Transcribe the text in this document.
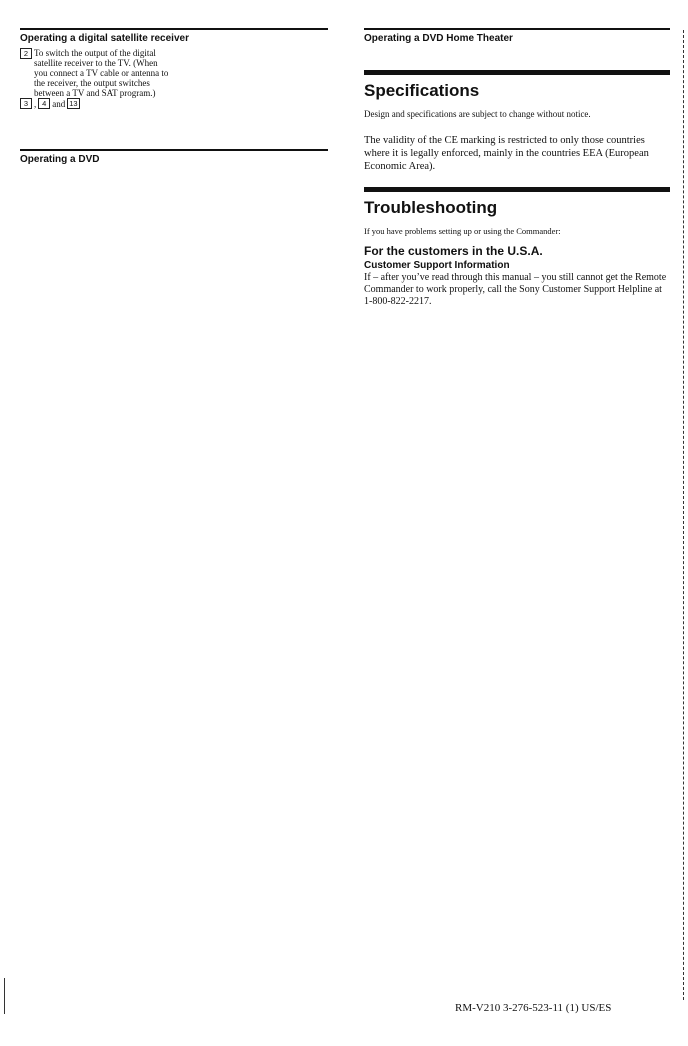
Operating a digital satellite receiver
2 To switch the output of the digital satellite receiver to the TV. (When you connect a TV cable or antenna to the receiver, the output switches between a TV and SAT program.)
3 , 4 and 13
Operating a DVD
Operating a DVD Home Theater
Specifications

Design and specifications are subject to change without notice.

The validity of the CE marking is restricted to only those countries where it is legally enforced, mainly in the countries EEA (European Economic Area).

Troubleshooting
If you have problems setting up or using the Commander:
For the customers in the U.S.A.
Customer Support Information
If – after you’ve read through this manual – you still cannot get the Remote Commander to work properly, call the Sony Customer Support Helpline at 1-800-822-2217.
RM-V210 3-276-523-11 (1) US/ES
